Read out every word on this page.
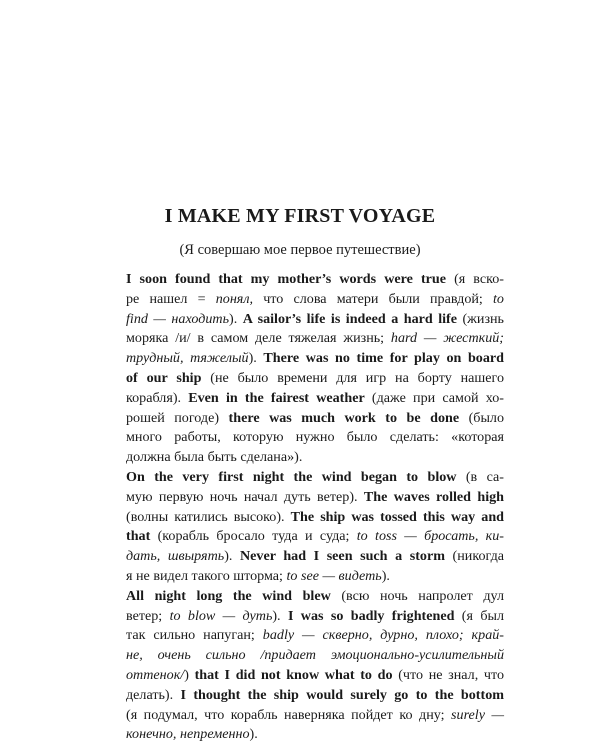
I MAKE MY FIRST VOYAGE

(Я совершаю мое первое путешествие)

I soon found that my mother’s words were true (я вско-
ре нашел = понял, что слова матери были правдой; to
find — находить). A sailor’s life is indeed a hard life (жизнь
моряка /и/ в самом деле тяжелая жизнь; hard — жесткий;
трудный, тяжелый). There was no time for play on board
of our ship (не было времени для игр на борту нашего
корабля). Even in the fairest weather (даже при самой хо-
рошей погоде) there was much work to be done (было
много работы, которую нужно было сделать: «которая
должна была быть сделана»).

On the very first night the wind began to blow (в са-
мую первую ночь начал дуть ветер). The waves rolled high
(волны катились высоко). The ship was tossed this way and
that (корабль бросало туда и суда; to toss — бросать, ки-
дать, швырять). Never had I seen such a storm (никогда
я не видел такого шторма; to see — видеть).

All night long the wind blew (всю ночь напролет дул
ветер; to blow — дуть). I was so badly frightened (я был
так сильно напуган; badly — скверно, дурно, плохо; край-
не, очень сильно /придает эмоционально-усилительный
оттенок/) that I did not know what to do (что не знал, что
делать). I thought the ship would surely go to the bottom
(я подумал, что корабль наверняка пойдет ко дну; surely —
конечно, непременно).
